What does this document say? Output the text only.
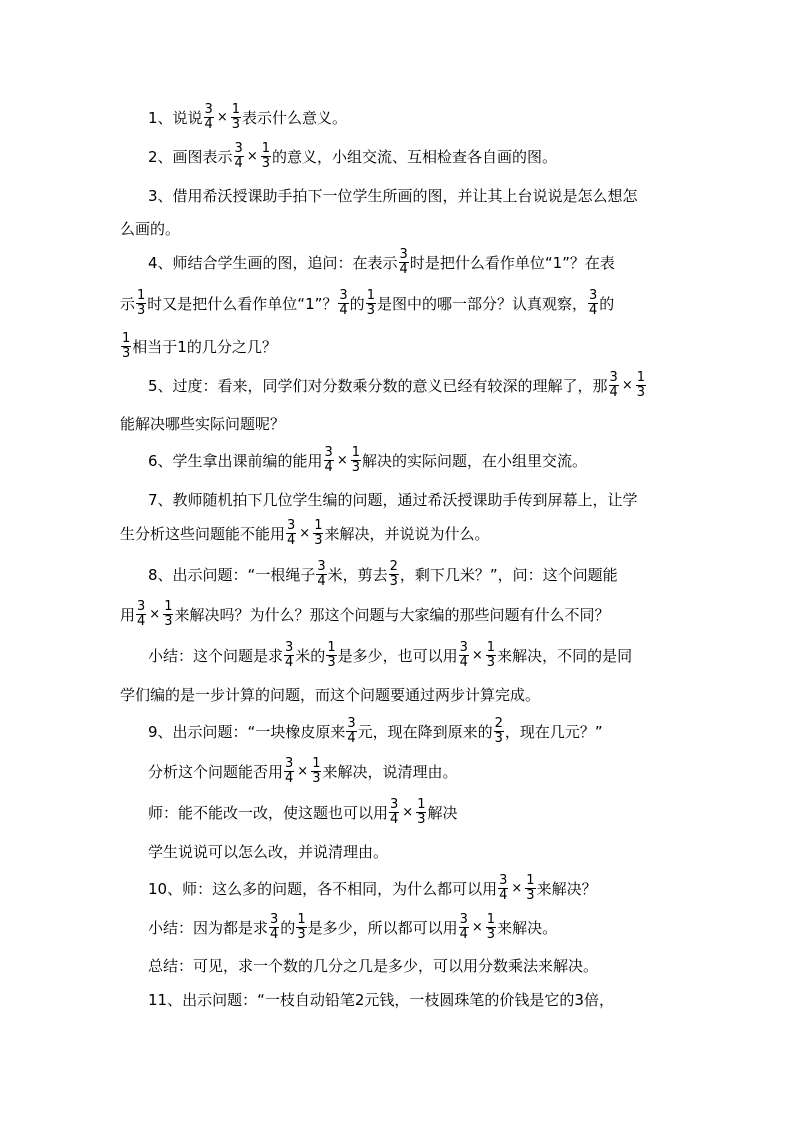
1、说说 $\frac{3}{4} \times \frac{1}{3}$ 表示什么意义。
2、画图表示 $\frac{3}{4} \times \frac{1}{3}$ 的意义，小组交流、互相检查各自画的图。
3、借用希沃授课助手拍下一位学生所画的图，并让其上台说说是怎么想怎
么画的。
4、师结合学生画的图，追问：在表示 $\frac{3}{4}$ 时是把什么看作单位“1”？在表
示 $\frac{1}{3}$ 时又是把什么看作单位“1”？ $\frac{3}{4}$ 的 $\frac{1}{3}$ 是图中的哪一部分？认真观察， $\frac{3}{4}$ 的
$\frac{1}{3}$ 相当于1的几分之几？
5、过度：看来，同学们对分数乘分数的意义已经有较深的理解了，那 $\frac{3}{4} \times \frac{1}{3}$
能解决哪些实际问题呢？
6、学生拿出课前编的能用 $\frac{3}{4} \times \frac{1}{3}$ 解决的实际问题，在小组里交流。
7、教师随机拍下几位学生编的问题，通过希沃授课助手传到屏幕上，让学
生分析这些问题能不能用 $\frac{3}{4} \times \frac{1}{3}$ 来解决，并说说为什么。
8、出示问题：“一根绳子 $\frac{3}{4}$ 米，剪去 $\frac{2}{3}$ ，剩下几米？”，问：这个问题能
用 $\frac{3}{4} \times \frac{1}{3}$ 来解决吗？为什么？那这个问题与大家编的那些问题有什么不同？
小结：这个问题是求 $\frac{3}{4}$ 米的 $\frac{1}{3}$ 是多少，也可以用 $\frac{3}{4} \times \frac{1}{3}$ 来解决，不同的是同
学们编的是一步计算的问题，而这个问题要通过两步计算完成。
9、出示问题：“一块橡皮原来 $\frac{3}{4}$ 元，现在降到原来的 $\frac{2}{3}$ ，现在几元？”
分析这个问题能否用 $\frac{3}{4} \times \frac{1}{3}$ 来解决，说清理由。
师：能不能改一改，使这题也可以用 $\frac{3}{4} \times \frac{1}{3}$ 解决
学生说说可以怎么改，并说清理由。
10、师：这么多的问题，各不相同，为什么都可以用 $\frac{3}{4} \times \frac{1}{3}$ 来解决？
小结：因为都是求 $\frac{3}{4}$ 的 $\frac{1}{3}$ 是多少，所以都可以用 $\frac{3}{4} \times \frac{1}{3}$ 来解决。
总结：可见，求一个数的几分之几是多少，可以用分数乘法来解决。
11、出示问题：“一枝自动铅笔2元钱，一枝圆珠笔的价钱是它的3倍，
